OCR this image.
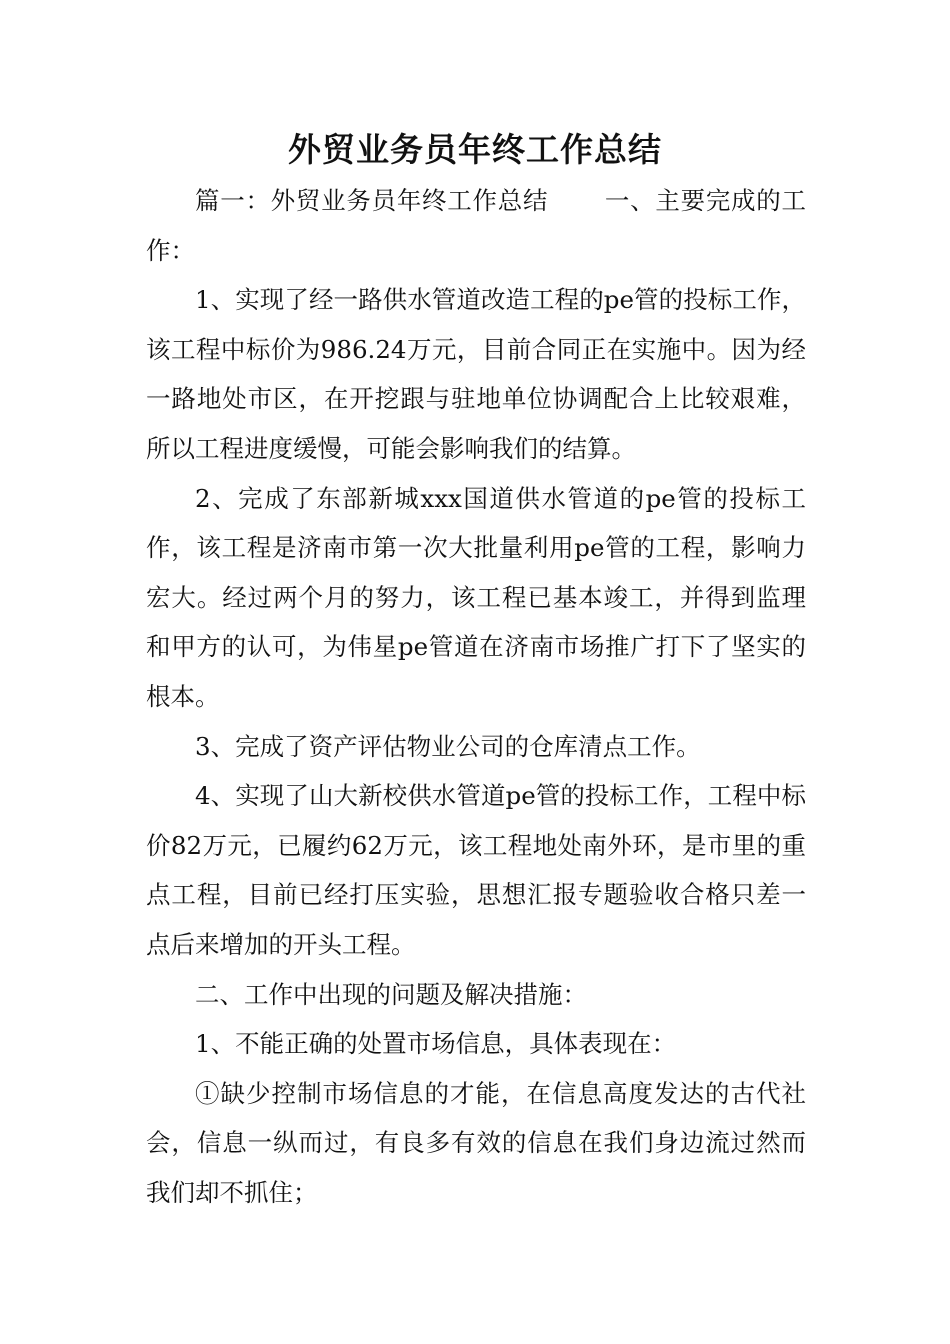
外贸业务员年终工作总结

篇一：外贸业务员年终工作总结 一、主要完成的工作：

1、实现了经一路供水管道改造工程的pe管的投标工作，该工程中标价为986.24万元，目前合同正在实施中。因为经一路地处市区，在开挖跟与驻地单位协调配合上比较艰难，所以工程进度缓慢，可能会影响我们的结算。

2、完成了东部新城xxx国道供水管道的pe管的投标工作，该工程是济南市第一次大批量利用pe管的工程，影响力宏大。经过两个月的努力，该工程已基本竣工，并得到监理和甲方的认可，为伟星pe管道在济南市场推广打下了坚实的根本。

3、完成了资产评估物业公司的仓库清点工作。

4、实现了山大新校供水管道pe管的投标工作，工程中标价82万元，已履约62万元，该工程地处南外环，是市里的重点工程，目前已经打压实验，思想汇报专题验收合格只差一点后来增加的开头工程。

二、工作中出现的问题及解决措施：

1、不能正确的处置市场信息，具体表现在：

①缺少控制市场信息的才能，在信息高度发达的古代社会，信息一纵而过，有良多有效的信息在我们身边流过然而我们却不抓住；
